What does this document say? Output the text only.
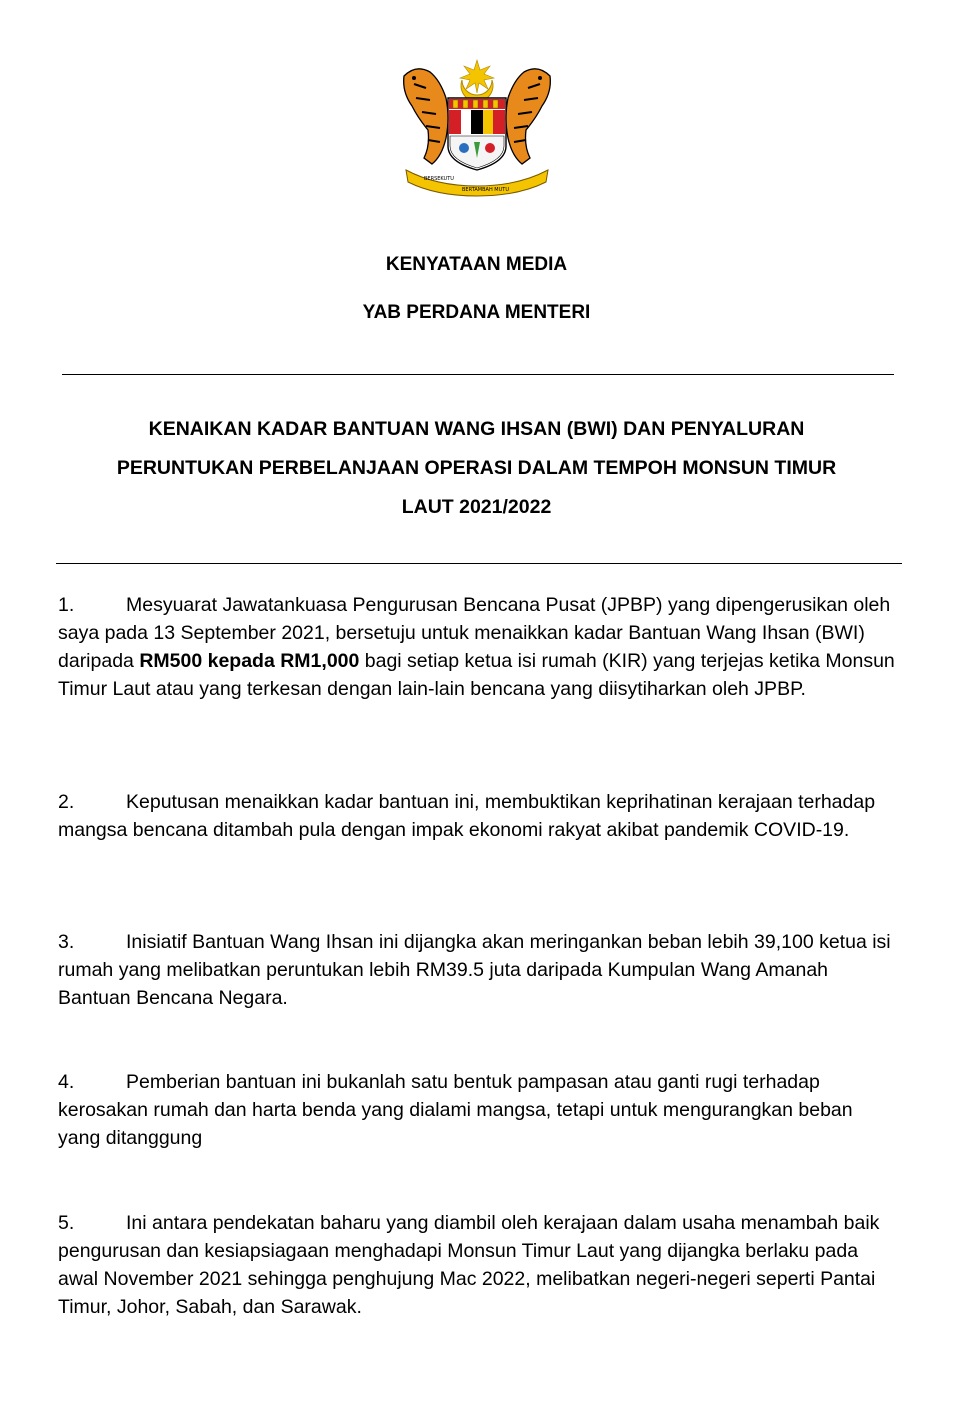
BERSEKUTU
BERTAMBAH MUTU
KENYATAAN MEDIA
YAB PERDANA MENTERI
KENAIKAN KADAR BANTUAN WANG IHSAN (BWI) DAN PENYALURAN
PERUNTUKAN PERBELANJAAN OPERASI DALAM TEMPOH MONSUN TIMUR
LAUT 2021/2022
1.	Mesyuarat Jawatankuasa Pengurusan Bencana Pusat (JPBP) yang dipengerusikan oleh saya pada 13 September 2021, bersetuju untuk menaikkan kadar Bantuan Wang Ihsan (BWI) daripada RM500 kepada RM1,000 bagi setiap ketua isi rumah (KIR) yang terjejas ketika Monsun Timur Laut atau yang terkesan dengan lain-lain bencana yang diisytiharkan oleh JPBP.
2.	Keputusan menaikkan kadar bantuan ini, membuktikan keprihatinan kerajaan terhadap mangsa bencana ditambah pula dengan impak ekonomi rakyat akibat pandemik COVID-19.
3.	Inisiatif Bantuan Wang Ihsan ini dijangka akan meringankan beban lebih 39,100 ketua isi rumah yang melibatkan peruntukan lebih RM39.5 juta daripada Kumpulan Wang Amanah Bantuan Bencana Negara.
4.	Pemberian bantuan ini bukanlah satu bentuk pampasan atau ganti rugi terhadap kerosakan rumah dan harta benda yang dialami mangsa, tetapi untuk mengurangkan beban yang ditanggung
5.	Ini antara pendekatan baharu yang diambil oleh kerajaan dalam usaha menambah baik pengurusan dan kesiapsiagaan menghadapi Monsun Timur Laut yang dijangka berlaku pada awal November 2021 sehingga penghujung Mac 2022, melibatkan negeri-negeri seperti Pantai Timur, Johor, Sabah, dan Sarawak.
